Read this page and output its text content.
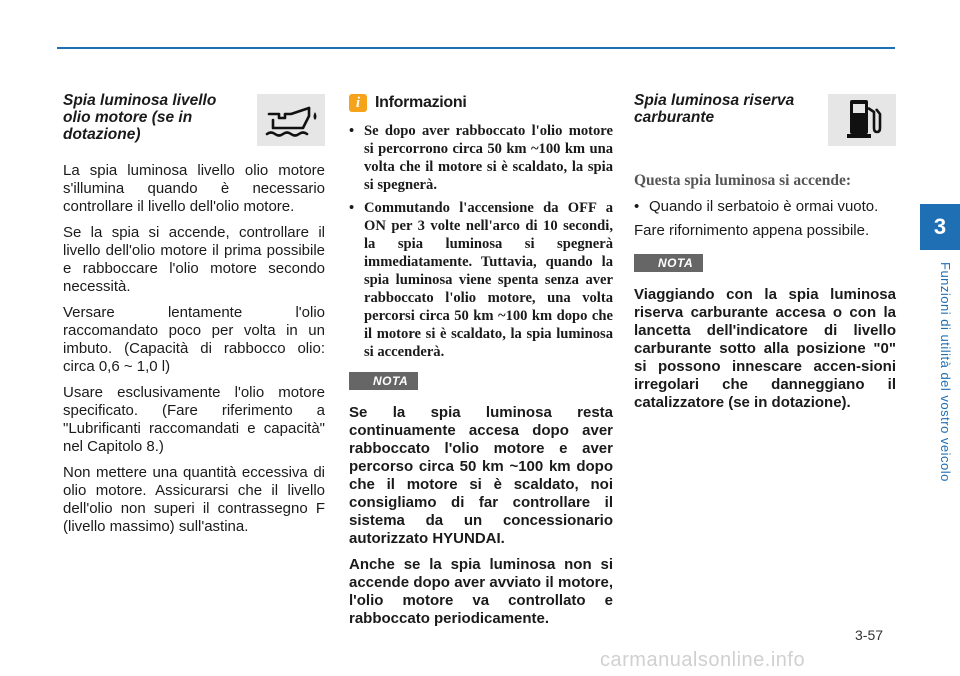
3
Funzioni di utilità del vostro veicolo
Spia luminosa livello olio motore (se in dotazione)

La spia luminosa livello olio motore s'illumina quando è necessario controllare il livello dell'olio motore.

Se la spia si accende, controllare il livello dell'olio motore il prima possibile e rabboccare l'olio motore secondo necessità.

Versare lentamente l'olio raccomandato poco per volta in un imbuto. (Capacità di rabbocco olio: circa 0,6 ~ 1,0 l)

Usare esclusivamente l'olio motore specificato. (Fare riferimento a "Lubrificanti raccomandati e capacità" nel Capitolo 8.)

Non mettere una quantità eccessiva di olio motore. Assicurarsi che il livello dell'olio non superi il contrassegno F (livello massimo) sull'astina.

i Informazioni
• Se dopo aver rabboccato l'olio motore si percorrono circa 50 km ~100 km una volta che il motore si è scaldato, la spia si spegnerà.
• Commutando l'accensione da OFF a ON per 3 volte nell'arco di 10 secondi, la spia luminosa si spegnerà immediatamente. Tuttavia, quando la spia luminosa viene spenta senza aver rabboccato l'olio motore, una volta percorsi circa 50 km ~100 km dopo che il motore si è scaldato, la spia luminosa si accenderà.
NOTA
Se la spia luminosa resta continuamente accesa dopo aver rabboccato l'olio motore e aver percorso circa 50 km ~100 km dopo che il motore si è scaldato, noi consigliamo di far controllare il sistema da un concessionario autorizzato HYUNDAI.
Anche se la spia luminosa non si accende dopo aver avviato il motore, l'olio motore va controllato e rabboccato periodicamente.
Spia luminosa riserva carburante
Questa spia luminosa si accende:
• Quando il serbatoio è ormai vuoto.

Fare rifornimento appena possibile.

NOTA
Viaggiando con la spia luminosa riserva carburante accesa o con la lancetta dell'indicatore di livello carburante sotto alla posizione "0" si possono innescare accen-sioni irregolari che danneggiano il catalizzatore (se in dotazione).
3-57
carmanualsonline.info
